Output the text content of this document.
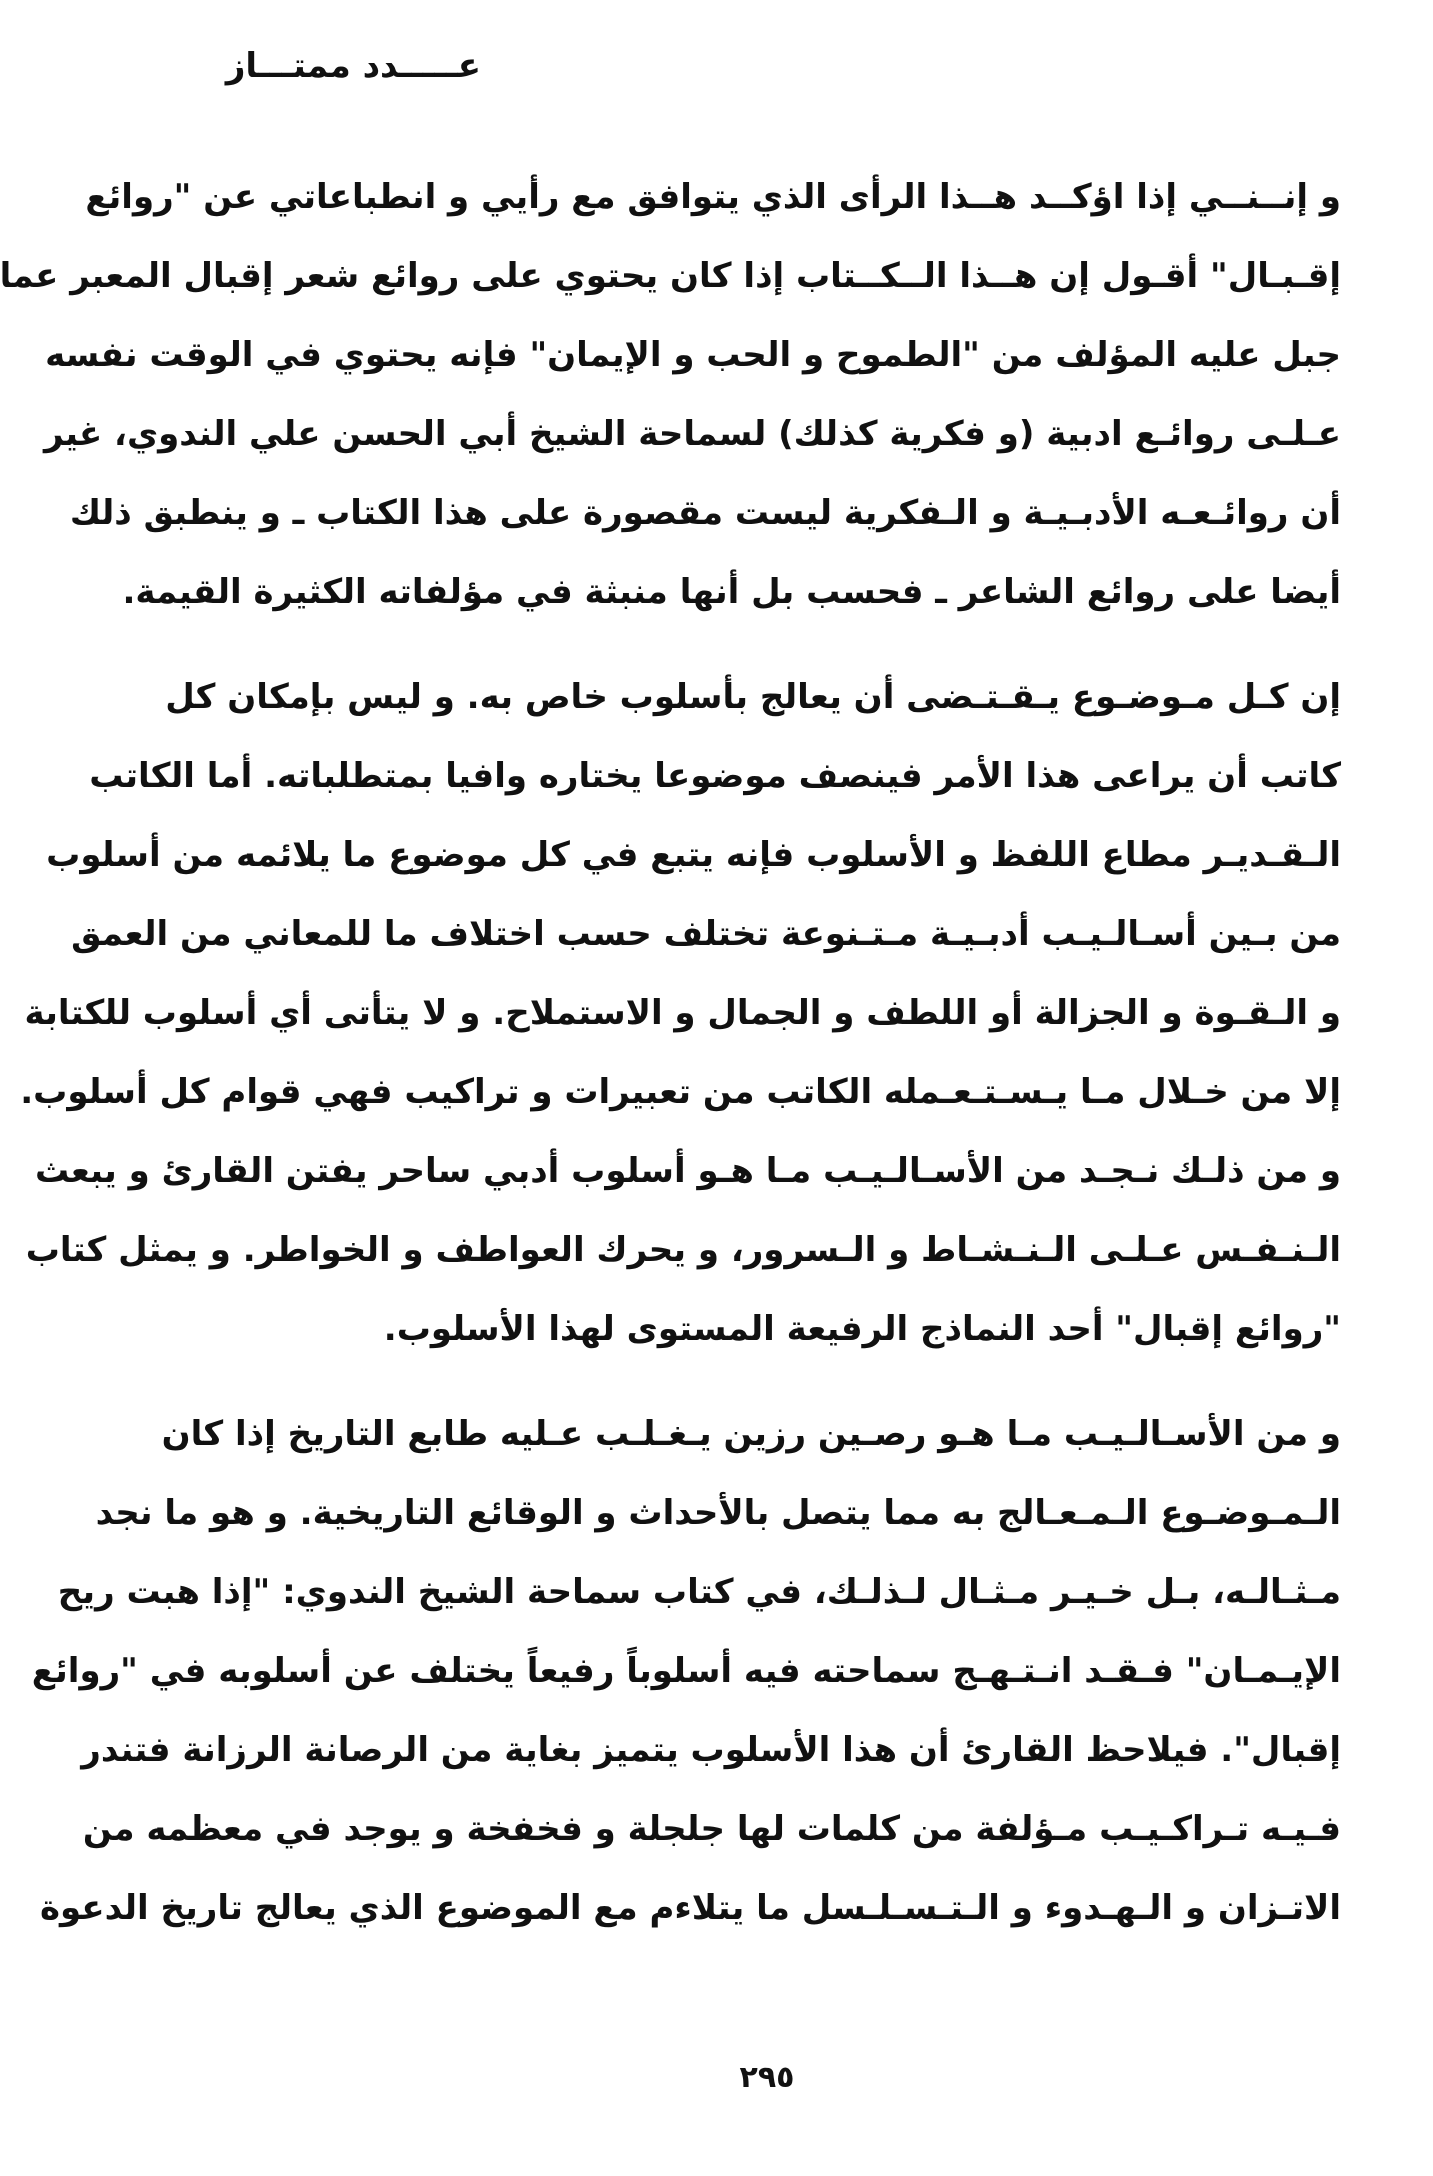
عـــــدد ممتـــاز

و إنــنــي إذا اؤكــد هــذا الرأى الذي يتوافق مع رأيي و انطباعاتي عن "روائع
إقـبـال" أقـول إن هــذا الــكــتاب إذا كان يحتوي على روائع شعر إقبال المعبر عما
جبل عليه المؤلف من "الطموح و الحب و الإيمان" فإنه يحتوي في الوقت نفسه
عـلـى روائـع ادبية (و فكرية كذلك) لسماحة الشيخ أبي الحسن علي الندوي، غير
أن روائـعـه الأدبـيـة و الـفكرية ليست مقصورة على هذا الكتاب ـ و ينطبق ذلك
أيضا على روائع الشاعر ـ فحسب بل أنها منبثة في مؤلفاته الكثيرة القيمة.

إن كـل مـوضـوع يـقـتـضى أن يعالج بأسلوب خاص به. و ليس بإمكان كل
كاتب أن يراعى هذا الأمر فينصف موضوعا يختاره وافيا بمتطلباته. أما الكاتب
الـقـديـر مطاع اللفظ و الأسلوب فإنه يتبع في كل موضوع ما يلائمه من أسلوب
من بـين أسـالـيـب أدبـيـة مـتـنوعة تختلف حسب اختلاف ما للمعاني من العمق
و الـقـوة و الجزالة أو اللطف و الجمال و الاستملاح. و لا يتأتى أي أسلوب للكتابة
إلا من خـلال مـا يـسـتـعـمله الكاتب من تعبيرات و تراكيب فهي قوام كل أسلوب.
و من ذلـك نـجـد من الأسـالـيـب مـا هـو أسلوب أدبي ساحر يفتن القارئ و يبعث
الـنـفـس عـلـى الـنـشـاط و الـسرور، و يحرك العواطف و الخواطر. و يمثل كتاب
"روائع إقبال" أحد النماذج الرفيعة المستوى لهذا الأسلوب.

و من الأسـالـيـب مـا هـو رصـين رزين يـغـلـب عـليه طابع التاريخ إذا كان
الـمـوضـوع الـمـعـالج به مما يتصل بالأحداث و الوقائع التاريخية. و هو ما نجد
مـثـالـه، بـل خـيـر مـثـال لـذلـك، في كتاب سماحة الشيخ الندوي: "إذا هبت ريح
الإيـمـان" فـقـد انـتـهـج سماحته فيه أسلوباً رفيعاً يختلف عن أسلوبه في "روائع
إقبال". فيلاحظ القارئ أن هذا الأسلوب يتميز بغاية من الرصانة الرزانة فتندر
فـيـه تـراكـيـب مـؤلفة من كلمات لها جلجلة و فخفخة و يوجد في معظمه من
الاتـزان و الـهـدوء و الـتـسـلـسل ما يتلاءم مع الموضوع الذي يعالج تاريخ الدعوة

٢٩٥
